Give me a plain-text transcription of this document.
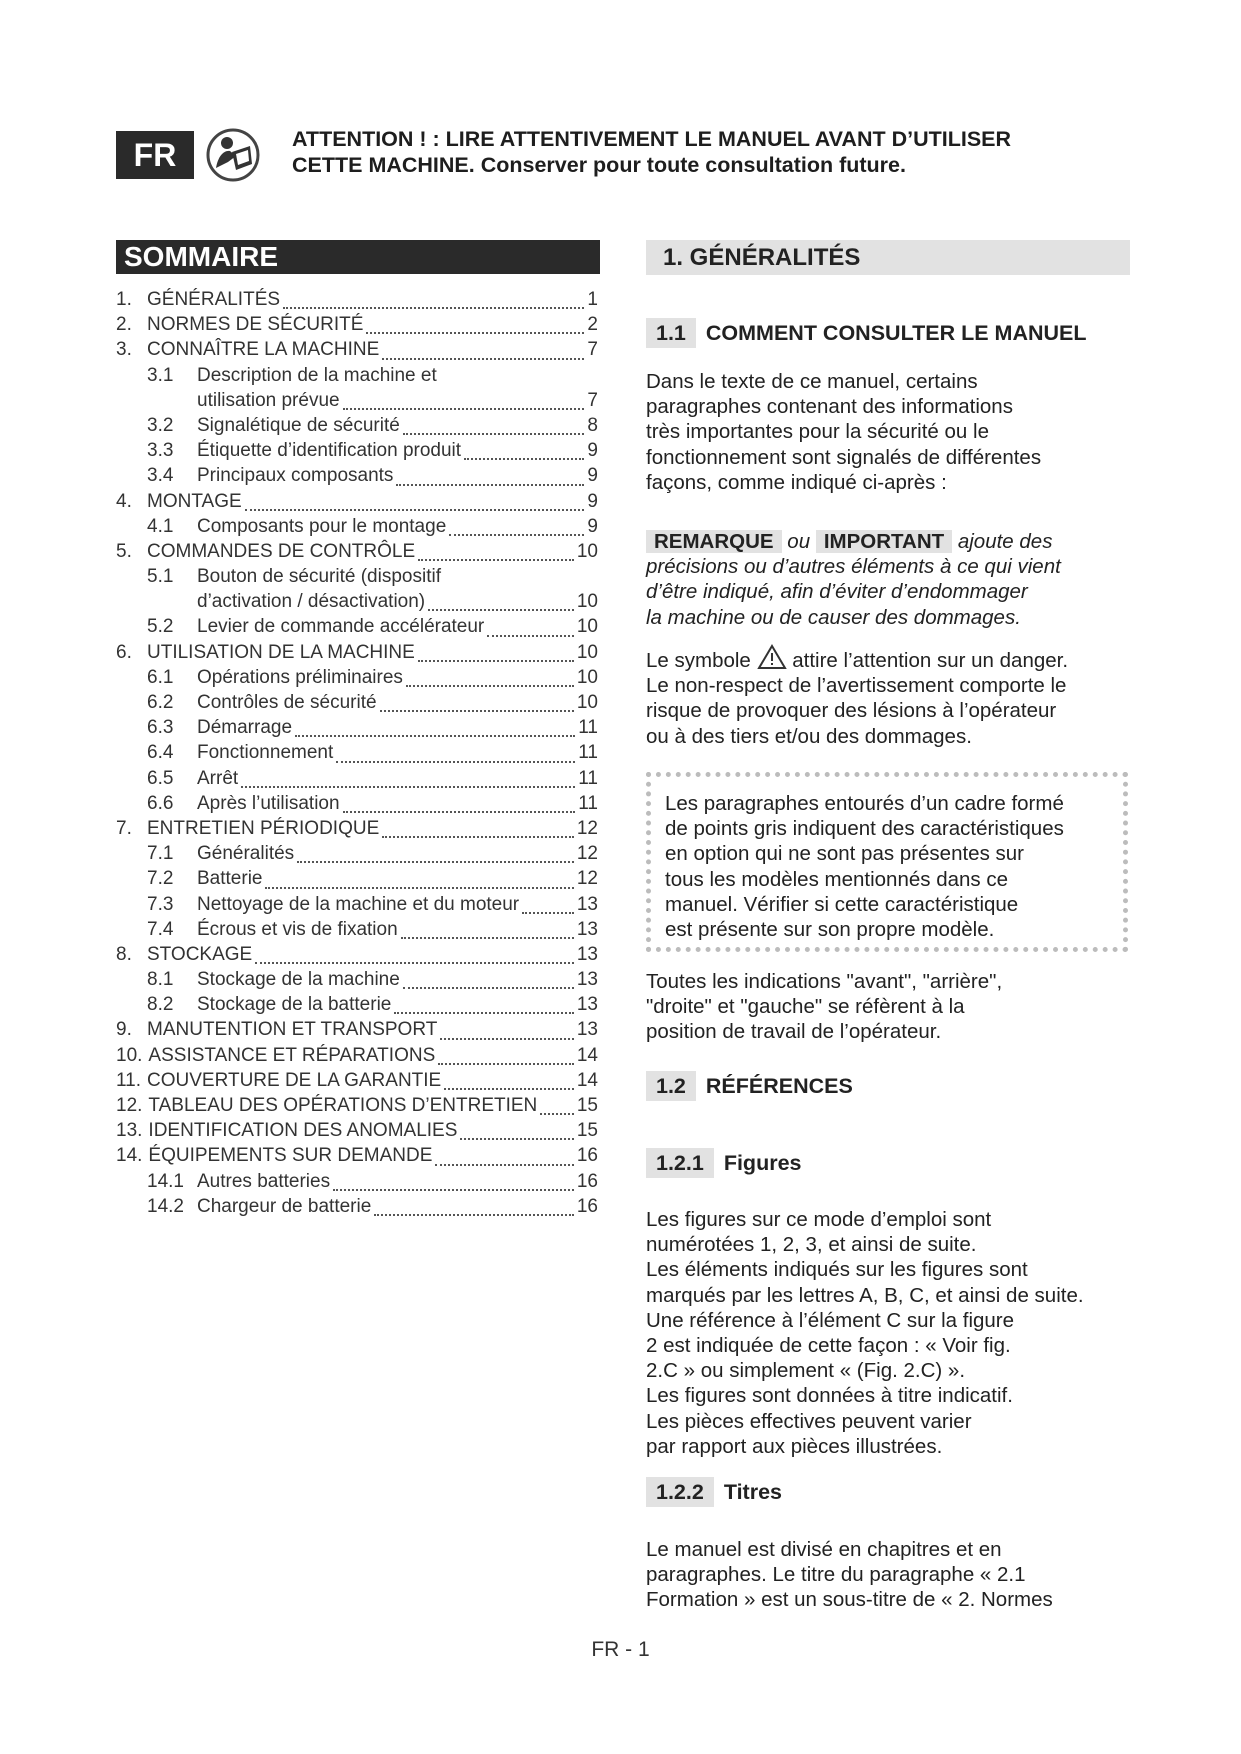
FR	ATTENTION ! : LIRE ATTENTIVEMENT LE MANUEL AVANT D’UTILISER
CETTE MACHINE. Conserver pour toute consultation future.
SOMMAIRE
1. GÉNÉRALITÉS	1
2. NORMES DE SÉCURITÉ	2
3. CONNAÎTRE LA MACHINE	7
3.1 Description de la machine et
utilisation prévue	7
3.2 Signalétique de sécurité	8
3.3 Étiquette d’identification produit	9
3.4 Principaux composants	9
4. MONTAGE	9
4.1 Composants pour le montage	9
5. COMMANDES DE CONTRÔLE	10
5.1 Bouton de sécurité (dispositif
d’activation / désactivation)	10
5.2 Levier de commande accélérateur	10
6. UTILISATION DE LA MACHINE	10
6.1 Opérations préliminaires	10
6.2 Contrôles de sécurité	10
6.3 Démarrage	11
6.4 Fonctionnement	11
6.5 Arrêt	11
6.6 Après l’utilisation	11
7. ENTRETIEN PÉRIODIQUE	12
7.1 Généralités	12
7.2 Batterie	12
7.3 Nettoyage de la machine et du moteur	13
7.4 Écrous et vis de fixation	13
8. STOCKAGE	13
8.1 Stockage de la machine	13
8.2 Stockage de la batterie	13
9. MANUTENTION ET TRANSPORT	13
10. ASSISTANCE ET RÉPARATIONS	14
11. COUVERTURE DE LA GARANTIE	14
12. TABLEAU DES OPÉRATIONS D’ENTRETIEN 15
13. IDENTIFICATION DES ANOMALIES	15
14. ÉQUIPEMENTS SUR DEMANDE	16
14.1 Autres batteries	16
14.2 Chargeur de batterie	16
1. GÉNÉRALITÉS
1.1 COMMENT CONSULTER LE MANUEL
Dans le texte de ce manuel, certains
paragraphes contenant des informations
très importantes pour la sécurité ou le
fonctionnement sont signalés de différentes
façons, comme indiqué ci-après :
REMARQUE ou IMPORTANT ajoute des
précisions ou d’autres éléments à ce qui vient
d’être indiqué, afin d’éviter d’endommager
la machine ou de causer des dommages.
Le symbole attire l’attention sur un danger.
Le non-respect de l’avertissement comporte le
risque de provoquer des lésions à l’opérateur
ou à des tiers et/ou des dommages.
Les paragraphes entourés d’un cadre formé
de points gris indiquent des caractéristiques
en option qui ne sont pas présentes sur
tous les modèles mentionnés dans ce
manuel. Vérifier si cette caractéristique
est présente sur son propre modèle.
Toutes les indications "avant", "arrière",
"droite" et "gauche" se réfèrent à la
position de travail de l’opérateur.
1.2 RÉFÉRENCES
1.2.1 Figures
Les figures sur ce mode d’emploi sont
numérotées 1, 2, 3, et ainsi de suite.
Les éléments indiqués sur les figures sont
marqués par les lettres A, B, C, et ainsi de suite.
Une référence à l’élément C sur la figure
2 est indiquée de cette façon : « Voir fig.
2.C » ou simplement « (Fig. 2.C) ».
Les figures sont données à titre indicatif.
Les pièces effectives peuvent varier
par rapport aux pièces illustrées.
1.2.2 Titres
Le manuel est divisé en chapitres et en
paragraphes. Le titre du paragraphe « 2.1
Formation » est un sous-titre de « 2. Normes
FR - 1
